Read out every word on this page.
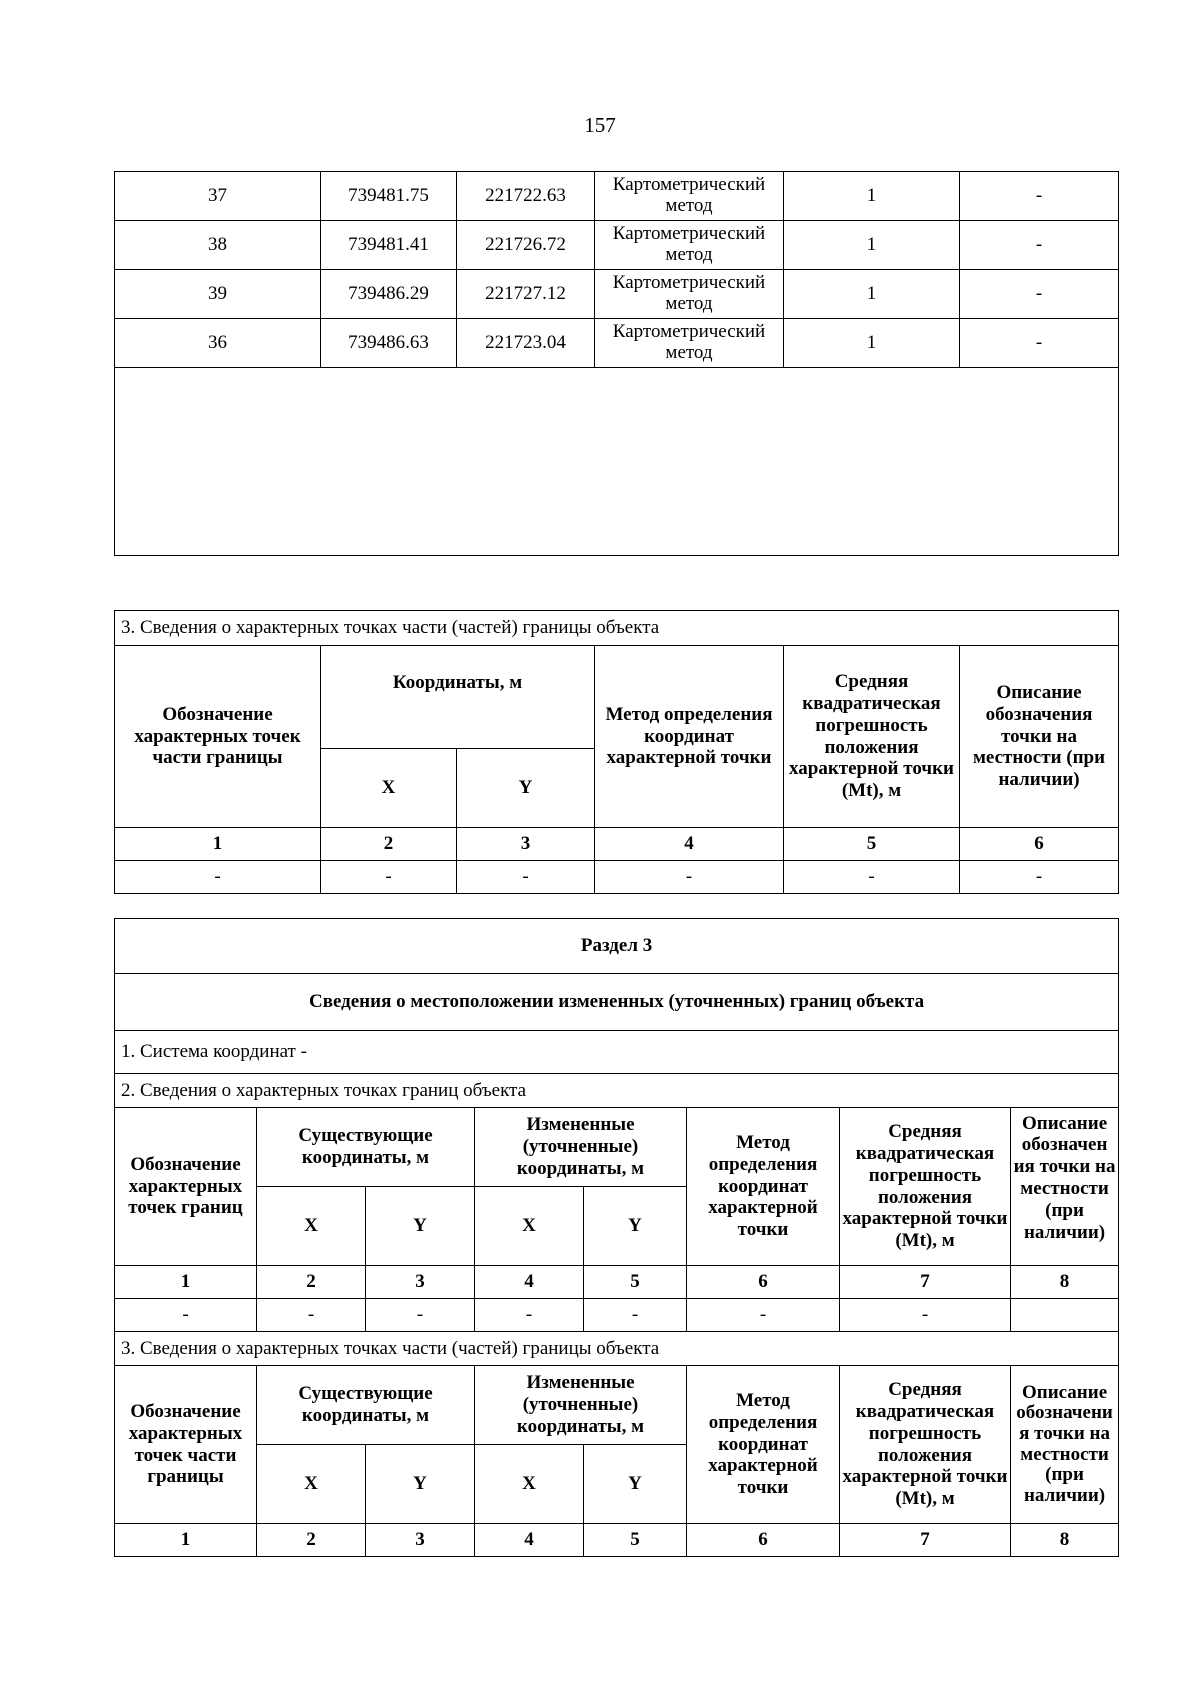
157
37	739481.75	221722.63	Картометрический метод	1	-
38	739481.41	221726.72	Картометрический метод	1	-
39	739486.29	221727.12	Картометрический метод	1	-
36	739486.63	221723.04	Картометрический метод	1	-

3. Сведения о характерных точках части (частей) границы объекта					
Обозначение характерных точек части границы	Координаты, м		Метод определения координат характерной точки	Средняя квадратическая погрешность положения характерной точки (Mt), м	Описание обозначения точки на местности (при наличии)
	X	Y			
1	2	3	4	5	6
-	-	-	-	-	-
Раздел 3							
Сведения о местоположении измененных (уточненных) границ объекта							
1. Система координат -							
2. Сведения о характерных точках границ объекта							
Обозначение характерных точек границ	Существующие координаты, м		Измененные (уточненные) координаты, м		Метод определения координат характерной точки	Средняя квадратическая погрешность положения характерной точки (Mt), м	Описание обозначен ия точки на местности (при наличии)

	X	Y	X	Y			
1	2	3	4	5	6	7	8
-	-	-	-	-	-	-	
3. Сведения о характерных точках части (частей) границы объекта							
Обозначение характерных точек части границы	Существующие координаты, м		Измененные (уточненные) координаты, м		Метод определения координат характерной точки	Средняя квадратическая погрешность положения характерной точки (Mt), м	Описание обозначени я точки на местности (при наличии)
	X	Y	X	Y			
1	2	3	4	5	6	7	8
